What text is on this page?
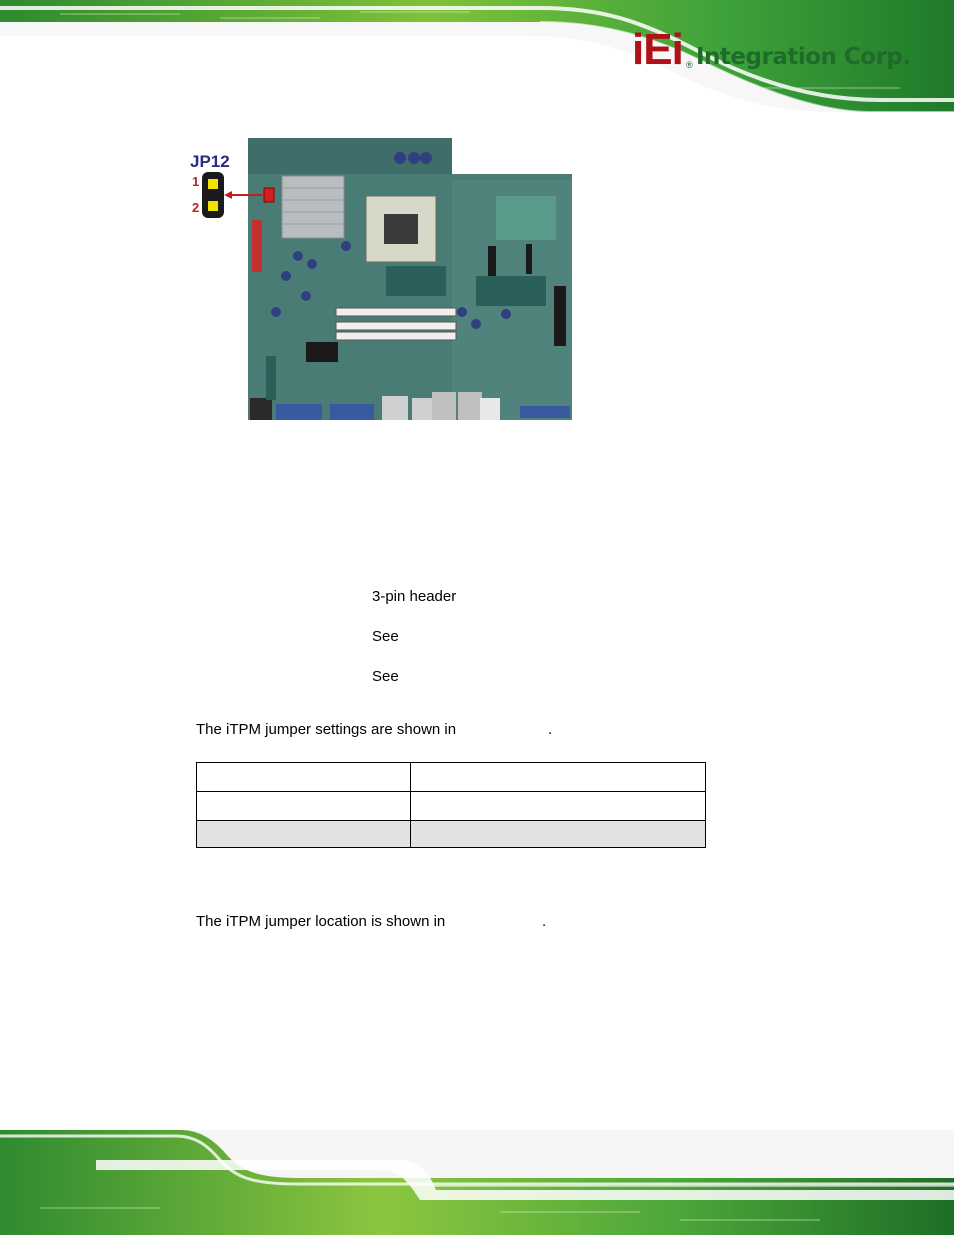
iEi ® Integration Corp.
JP12
1
2
3-pin header
See
See
The iTPM jumper settings are shown in	.

The iTPM jumper location is shown in	.
